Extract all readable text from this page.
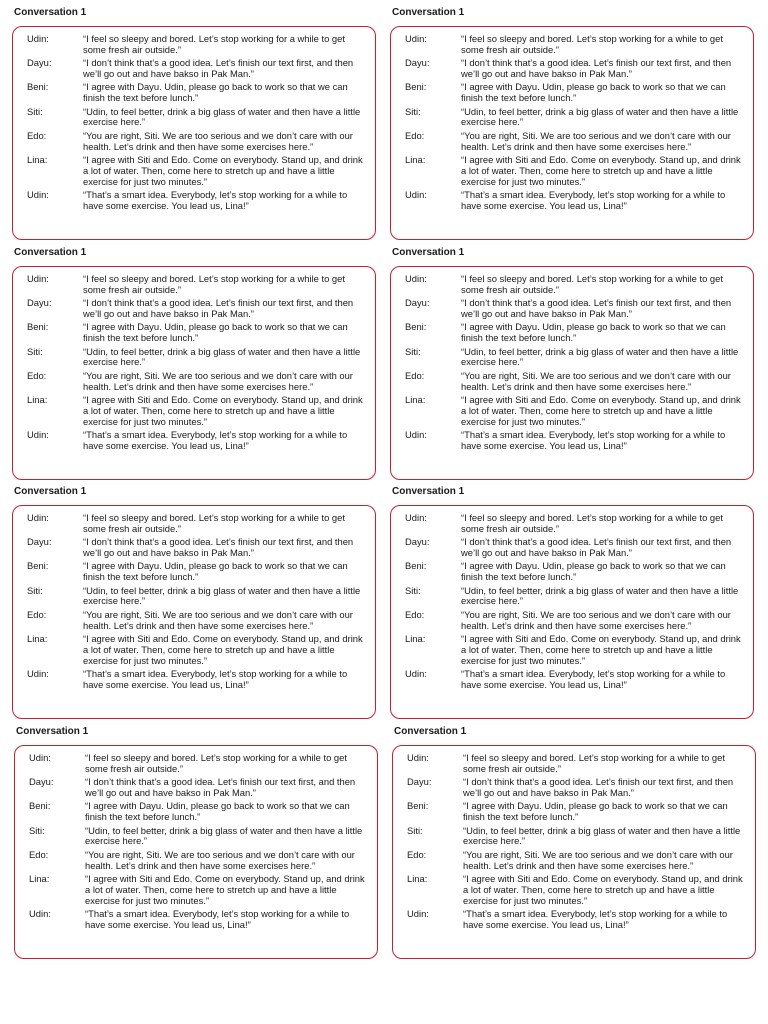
Conversation 1
Udin:	“I feel so sleepy and bored. Let’s stop working for a while to get some fresh air outside.”
Dayu:	“I don’t think that’s a good idea. Let’s finish our text first, and then we’ll go out and have bakso in Pak Man.”
Beni:	“I agree with Dayu. Udin, please go back to work so that we can finish the text before lunch.”
Siti:	“Udin, to feel better, drink a big glass of water and then have a little exercise here.”
Edo:	“You are right, Siti. We are too serious and we don’t care with our health. Let’s drink and then have some exercises here.”
Lina:	“I agree with Siti and Edo. Come on everybody. Stand up, and drink a lot of water. Then, come here to stretch up and have a little exercise for just two minutes.”
Udin:	“That’s a smart idea. Everybody, let’s stop working for a while to have some exercise. You lead us, Lina!”
Conversation 1
Udin:	“I feel so sleepy and bored. Let’s stop working for a while to get some fresh air outside.”
Dayu:	“I don’t think that’s a good idea. Let’s finish our text first, and then we’ll go out and have bakso in Pak Man.”
Beni:	“I agree with Dayu. Udin, please go back to work so that we can finish the text before lunch.”
Siti:	“Udin, to feel better, drink a big glass of water and then have a little exercise here.”
Edo:	“You are right, Siti. We are too serious and we don’t care with our health. Let’s drink and then have some exercises here.”
Lina:	“I agree with Siti and Edo. Come on everybody. Stand up, and drink a lot of water. Then, come here to stretch up and have a little exercise for just two minutes.”
Udin:	“That’s a smart idea. Everybody, let’s stop working for a while to have some exercise. You lead us, Lina!”
Conversation 1
Udin:	“I feel so sleepy and bored. Let’s stop working for a while to get some fresh air outside.”
Dayu:	“I don’t think that’s a good idea. Let’s finish our text first, and then we’ll go out and have bakso in Pak Man.”
Beni:	“I agree with Dayu. Udin, please go back to work so that we can finish the text before lunch.”
Siti:	“Udin, to feel better, drink a big glass of water and then have a little exercise here.”
Edo:	“You are right, Siti. We are too serious and we don’t care with our health. Let’s drink and then have some exercises here.”
Lina:	“I agree with Siti and Edo. Come on everybody. Stand up, and drink a lot of water. Then, come here to stretch up and have a little exercise for just two minutes.”
Udin:	“That’s a smart idea. Everybody, let’s stop working for a while to have some exercise. You lead us, Lina!”
Conversation 1
Udin:	“I feel so sleepy and bored. Let’s stop working for a while to get some fresh air outside.”
Dayu:	“I don’t think that’s a good idea. Let’s finish our text first, and then we’ll go out and have bakso in Pak Man.”
Beni:	“I agree with Dayu. Udin, please go back to work so that we can finish the text before lunch.”
Siti:	“Udin, to feel better, drink a big glass of water and then have a little exercise here.”
Edo:	“You are right, Siti. We are too serious and we don’t care with our health. Let’s drink and then have some exercises here.”
Lina:	“I agree with Siti and Edo. Come on everybody. Stand up, and drink a lot of water. Then, come here to stretch up and have a little exercise for just two minutes.”
Udin:	“That’s a smart idea. Everybody, let’s stop working for a while to have some exercise. You lead us, Lina!”
Conversation 1
Udin:	“I feel so sleepy and bored. Let’s stop working for a while to get some fresh air outside.”
Dayu:	“I don’t think that’s a good idea. Let’s finish our text first, and then we’ll go out and have bakso in Pak Man.”
Beni:	“I agree with Dayu. Udin, please go back to work so that we can finish the text before lunch.”
Siti:	“Udin, to feel better, drink a big glass of water and then have a little exercise here.”
Edo:	“You are right, Siti. We are too serious and we don’t care with our health. Let’s drink and then have some exercises here.”
Lina:	“I agree with Siti and Edo. Come on everybody. Stand up, and drink a lot of water. Then, come here to stretch up and have a little exercise for just two minutes.”
Udin:	“That’s a smart idea. Everybody, let’s stop working for a while to have some exercise. You lead us, Lina!”
Conversation 1
Udin:	“I feel so sleepy and bored. Let’s stop working for a while to get some fresh air outside.”
Dayu:	“I don’t think that’s a good idea. Let’s finish our text first, and then we’ll go out and have bakso in Pak Man.”
Beni:	“I agree with Dayu. Udin, please go back to work so that we can finish the text before lunch.”
Siti:	“Udin, to feel better, drink a big glass of water and then have a little exercise here.”
Edo:	“You are right, Siti. We are too serious and we don’t care with our health. Let’s drink and then have some exercises here.”
Lina:	“I agree with Siti and Edo. Come on everybody. Stand up, and drink a lot of water. Then, come here to stretch up and have a little exercise for just two minutes.”
Udin:	“That’s a smart idea. Everybody, let’s stop working for a while to have some exercise. You lead us, Lina!”
Conversation 1
Udin:	“I feel so sleepy and bored. Let’s stop working for a while to get some fresh air outside.”
Dayu:	“I don’t think that’s a good idea. Let’s finish our text first, and then we’ll go out and have bakso in Pak Man.”
Beni:	“I agree with Dayu. Udin, please go back to work so that we can finish the text before lunch.”
Siti:	“Udin, to feel better, drink a big glass of water and then have a little exercise here.”
Edo:	“You are right, Siti. We are too serious and we don’t care with our health. Let’s drink and then have some exercises here.”
Lina:	“I agree with Siti and Edo. Come on everybody. Stand up, and drink a lot of water. Then, come here to stretch up and have a little exercise for just two minutes.”
Udin:	“That’s a smart idea. Everybody, let’s stop working for a while to have some exercise. You lead us, Lina!”
Conversation 1
Udin:	“I feel so sleepy and bored. Let’s stop working for a while to get some fresh air outside.”
Dayu:	“I don’t think that’s a good idea. Let’s finish our text first, and then we’ll go out and have bakso in Pak Man.”
Beni:	“I agree with Dayu. Udin, please go back to work so that we can finish the text before lunch.”
Siti:	“Udin, to feel better, drink a big glass of water and then have a little exercise here.”
Edo:	“You are right, Siti. We are too serious and we don’t care with our health. Let’s drink and then have some exercises here.”
Lina:	“I agree with Siti and Edo. Come on everybody. Stand up, and drink a lot of water. Then, come here to stretch up and have a little exercise for just two minutes.”
Udin:	“That’s a smart idea. Everybody, let’s stop working for a while to have some exercise. You lead us, Lina!”
